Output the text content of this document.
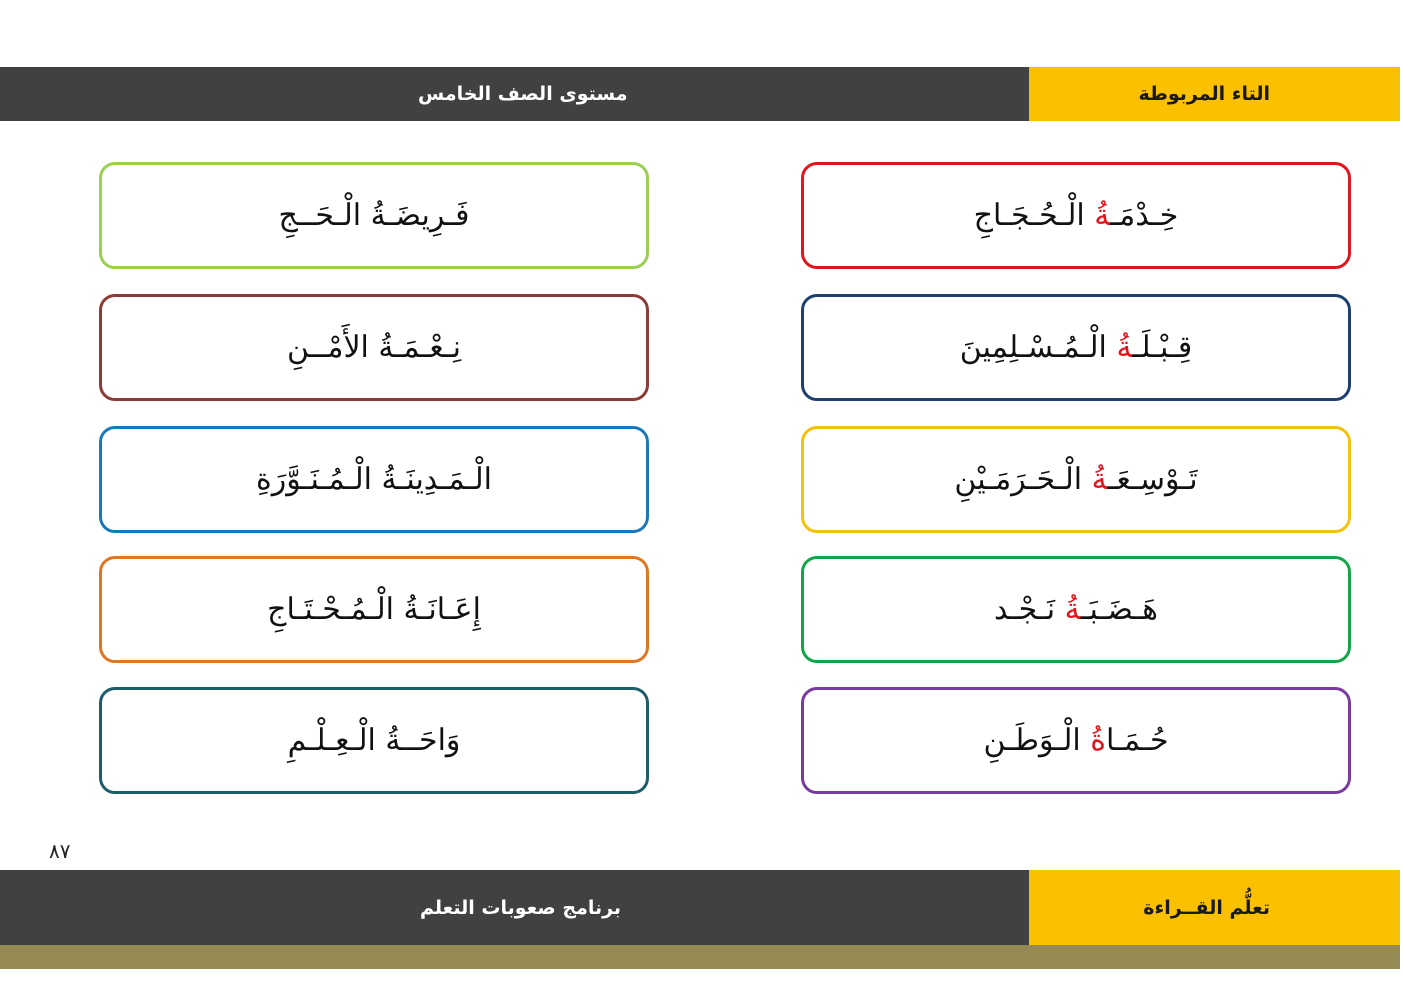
مستوى الصف الخامس	التاء المربوطة
خِـدْمَـةُ الْـحُـجَـاجِ
قِـبْـلَـةُ الْـمُـسْـلِمِينَ
تَـوْسِـعَـةُ الْـحَـرَمَـيْنِ
هَـضَـبَـةُ نَـجْـد
حُـمَـاةُ الْـوَطَـنِ
فَـرِيضَـةُ الْـحَــجِ
نِـعْـمَـةُ الأَمْــنِ
الْـمَـدِينَـةُ الْـمُـنَـوَّرَةِ
إِعَـانَـةُ الْـمُـحْـتَـاجِ
وَاحَــةُ الْـعِـلْـمِ
٨٧
برنامج صعوبات التعلم	تعلُّم القــراءة
